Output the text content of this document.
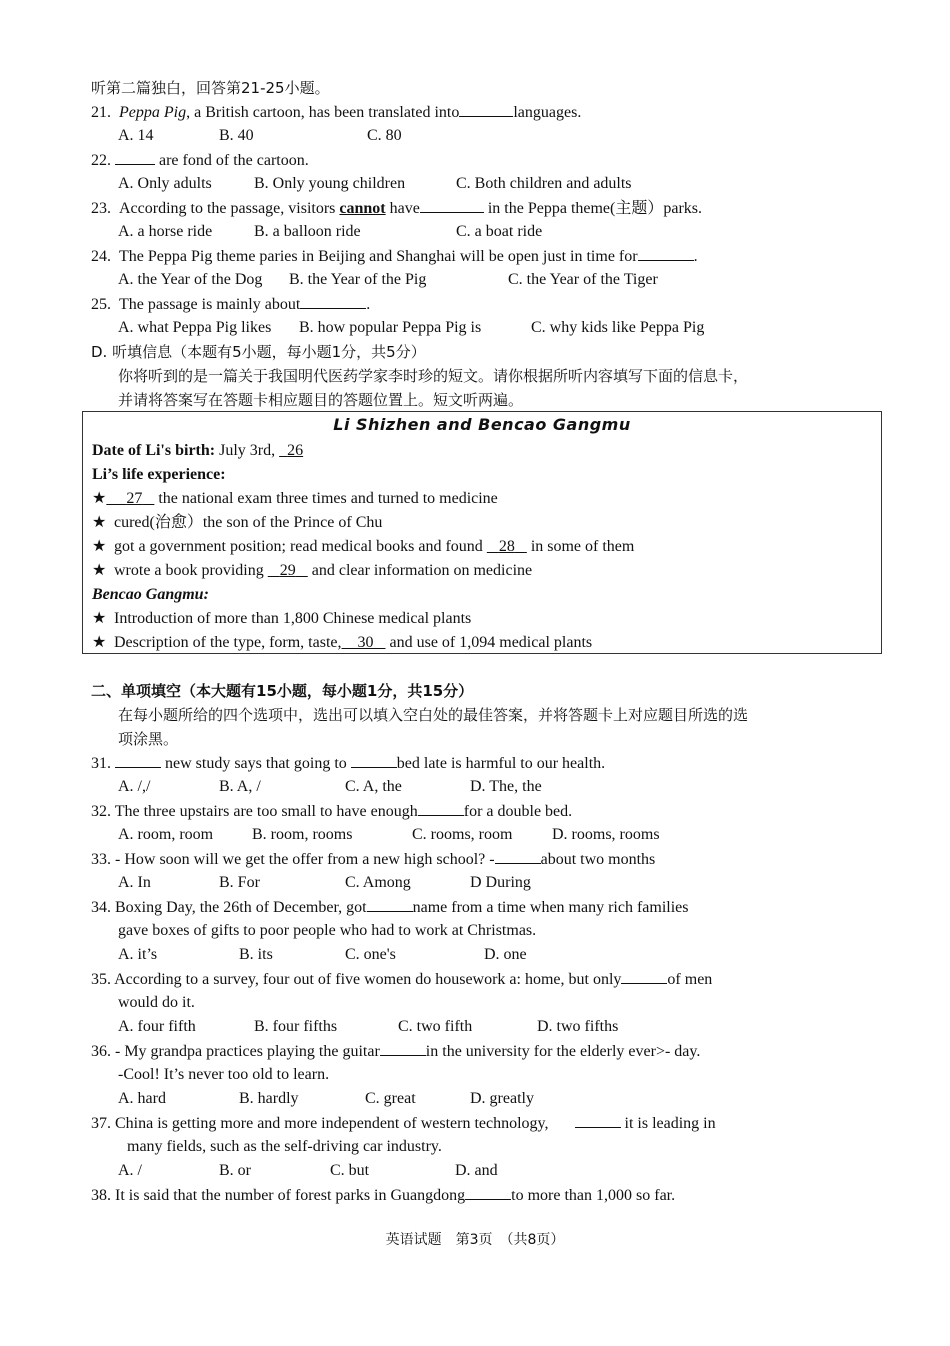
听第二篇独白，回答第21-25小题。
21. Peppa Pig, a British cartoon, has been translated into	languages.
A. 14	B. 40	C. 80
22.	are fond of the cartoon.
A. Only adults	B. Only young children	C. Both children and adults
23. According to the passage, visitors cannot have	in the Peppa theme(主题）parks.
A. a horse ride	B. a balloon ride	C. a boat ride
24. The Peppa Pig theme paries in Beijing and Shanghai will be open just in time for	.
A. the Year of the Dog B. the Year of the Pig	C. the Year of the Tiger
25. The passage is mainly about	.
A. what Peppa Pig likes B. how popular Peppa Pig is	C. why kids like Peppa Pig
D. 听填信息（本题有5小题，每小题1分，共5分）
你将听到的是一篇关于我国明代医药学家李时珍的短文。请你根据所听内容填写下面的信息卡，
并请将答案写在答题卡相应题目的答题位置上。短文听两遍。
Li Shizhen and Bencao Gangmu
Date of Li's birth: July 3rd, 26
Li’s life experience:
★ 27 the national exam three times and turned to medicine
★ cured(治愈）the son of the Prince of Chu
★ got a government position; read medical books and found 28 in some of them
★ wrote a book providing 29 and clear information on medicine
Bencao Gangmu:
★ Introduction of more than 1,800 Chinese medical plants
★ Description of the type, form, taste, 30 and use of 1,094 medical plants
二、单项填空（本大题有15小题，每小题1分，共15分）
在每小题所给的四个选项中，选出可以填入空白处的最佳答案，并将答题卡上对应题目所选的选
项涂黑。
31.	new study says that going to	bed late is harmful to our health.
A. /,/	B. A, /	C. A, the	D. The, the
32. The three upstairs are too small to have enough	for a double bed.
A. room, room B. room, rooms	C. rooms, room D. rooms, rooms
33. - How soon will we get the offer from a new high school? -	about two months
A. In	B. For	C. Among	D During
34. Boxing Day, the 26th of December, got	name from a time when many rich families
gave boxes of gifts to poor people who had to work at Christmas.
A. it’s	B. its	C. one's	D. one
35. According to a survey, four out of five women do housework a: home, but only	of men
would do it.
A. four fifth	B. four fifths	C. two fifth	D. two fifths
36. - My grandpa practices playing the guitar	in the university for the elderly ever>- day.
-Cool! It’s never too old to learn.
A. hard	B. hardly	C. great	D. greatly
37. China is getting more and more independent of western technology,	it is leading in
many fields, such as the self-driving car industry.
A. /	B. or	C. but	D. and
38. It is said that the number of forest parks in Guangdong	to more than 1,000 so far.
英语试题　第3页　（共8页）
